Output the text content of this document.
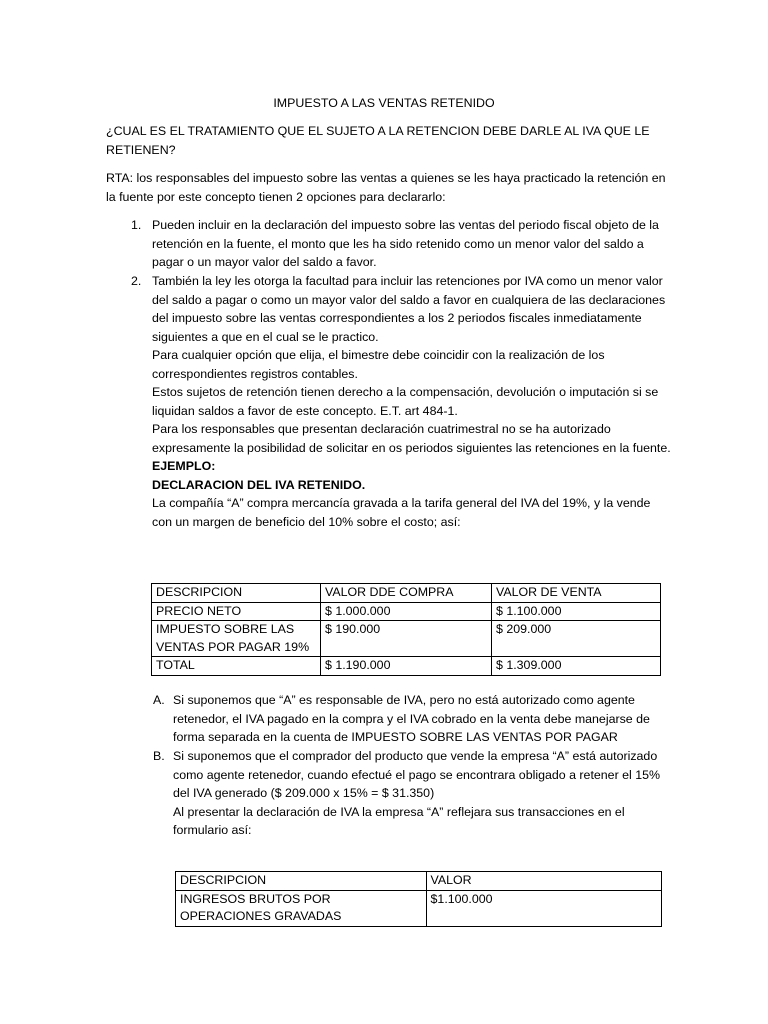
IMPUESTO A LAS VENTAS RETENIDO
¿CUAL ES EL TRATAMIENTO QUE EL SUJETO A LA RETENCION DEBE DARLE AL IVA QUE LE RETIENEN?
RTA: los responsables del impuesto sobre las ventas a quienes se les haya practicado la retención en la fuente por este concepto tienen 2 opciones para declararlo:
1. Pueden incluir en la declaración del impuesto sobre las ventas del periodo fiscal objeto de la retención en la fuente, el monto que les ha sido retenido como un menor valor del saldo a pagar o un mayor valor del saldo a favor.

2. También la ley les otorga la facultad para incluir las retenciones por IVA como un menor valor del saldo a pagar o como un mayor valor del saldo a favor en cualquiera de las declaraciones del impuesto sobre las ventas correspondientes a los 2 periodos fiscales inmediatamente siguientes a que en el cual se le practico.

Para cualquier opción que elija, el bimestre debe coincidir con la realización de los correspondientes registros contables.

Estos sujetos de retención tienen derecho a la compensación, devolución o imputación si se liquidan saldos a favor de este concepto. E.T. art 484-1.

Para los responsables que presentan declaración cuatrimestral no se ha autorizado expresamente la posibilidad de solicitar en os periodos siguientes las retenciones en la fuente.

EJEMPLO:

DECLARACION DEL IVA RETENIDO.

La compañía “A” compra mercancía gravada a la tarifa general del IVA del 19%, y la vende con un margen de beneficio del 10% sobre el costo; así:

DESCRIPCION	VALOR DDE COMPRA	VALOR DE VENTA
PRECIO NETO	$ 1.000.000	$ 1.100.000
IMPUESTO SOBRE LAS VENTAS POR PAGAR 19%	$ 190.000	$ 209.000
TOTAL	$ 1.190.000	$ 1.309.000
A. Si suponemos que “A” es responsable de IVA, pero no está autorizado como agente retenedor, el IVA pagado en la compra y el IVA cobrado en la venta debe manejarse de forma separada en la cuenta de IMPUESTO SOBRE LAS VENTAS POR PAGAR

B. Si suponemos que el comprador del producto que vende la empresa “A” está autorizado como agente retenedor, cuando efectué el pago se encontrara obligado a retener el 15% del IVA generado ($ 209.000 x 15% = $ 31.350)

Al presentar la declaración de IVA la empresa “A” reflejara sus transacciones en el formulario así:

DESCRIPCION	VALOR
INGRESOS BRUTOS POR OPERACIONES GRAVADAS	$1.100.000
